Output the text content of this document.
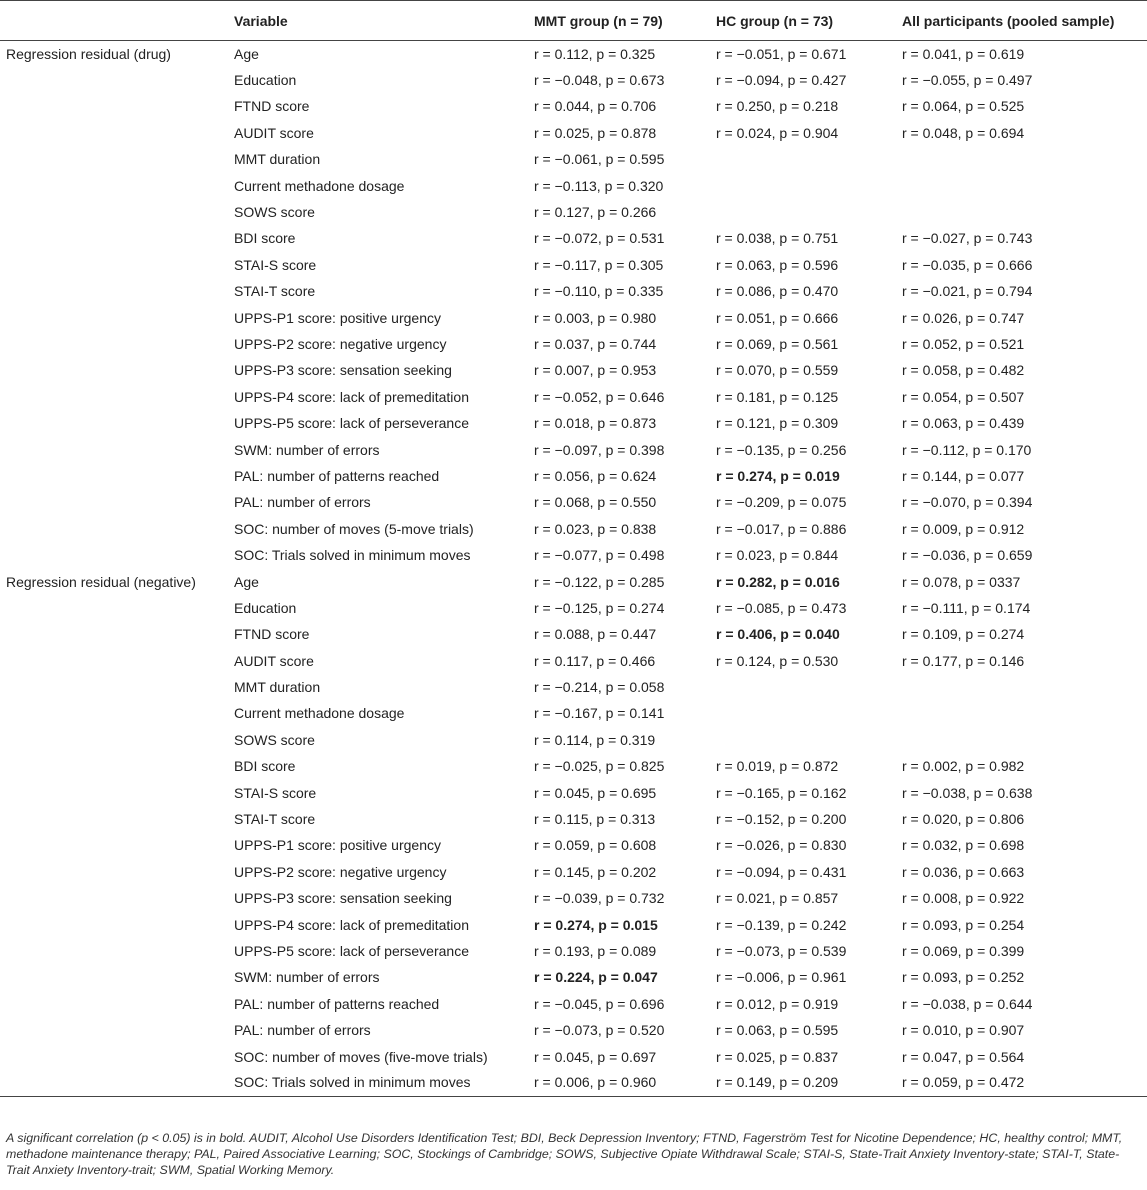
	Variable	MMT group (n = 79)	HC group (n = 73)	All participants (pooled sample)
Regression residual (drug)	Age	r = 0.112, p = 0.325	r = −0.051, p = 0.671	r = 0.041, p = 0.619
	Education	r = −0.048, p = 0.673	r = −0.094, p = 0.427	r = −0.055, p = 0.497
	FTND score	r = 0.044, p = 0.706	r = 0.250, p = 0.218	r = 0.064, p = 0.525
	AUDIT score	r = 0.025, p = 0.878	r = 0.024, p = 0.904	r = 0.048, p = 0.694
	MMT duration	r = −0.061, p = 0.595		
	Current methadone dosage	r = −0.113, p = 0.320		
	SOWS score	r = 0.127, p = 0.266		
	BDI score	r = −0.072, p = 0.531	r = 0.038, p = 0.751	r = −0.027, p = 0.743
	STAI-S score	r = −0.117, p = 0.305	r = 0.063, p = 0.596	r = −0.035, p = 0.666
	STAI-T score	r = −0.110, p = 0.335	r = 0.086, p = 0.470	r = −0.021, p = 0.794
	UPPS-P1 score: positive urgency	r = 0.003, p = 0.980	r = 0.051, p = 0.666	r = 0.026, p = 0.747
	UPPS-P2 score: negative urgency	r = 0.037, p = 0.744	r = 0.069, p = 0.561	r = 0.052, p = 0.521
	UPPS-P3 score: sensation seeking	r = 0.007, p = 0.953	r = 0.070, p = 0.559	r = 0.058, p = 0.482
	UPPS-P4 score: lack of premeditation	r = −0.052, p = 0.646	r = 0.181, p = 0.125	r = 0.054, p = 0.507
	UPPS-P5 score: lack of perseverance	r = 0.018, p = 0.873	r = 0.121, p = 0.309	r = 0.063, p = 0.439
	SWM: number of errors	r = −0.097, p = 0.398	r = −0.135, p = 0.256	r = −0.112, p = 0.170
	PAL: number of patterns reached	r = 0.056, p = 0.624	r = 0.274, p = 0.019	r = 0.144, p = 0.077
	PAL: number of errors	r = 0.068, p = 0.550	r = −0.209, p = 0.075	r = −0.070, p = 0.394
	SOC: number of moves (5-move trials)	r = 0.023, p = 0.838	r = −0.017, p = 0.886	r = 0.009, p = 0.912
	SOC: Trials solved in minimum moves	r = −0.077, p = 0.498	r = 0.023, p = 0.844	r = −0.036, p = 0.659
Regression residual (negative)	Age	r = −0.122, p = 0.285	r = 0.282, p = 0.016	r = 0.078, p = 0337
	Education	r = −0.125, p = 0.274	r = −0.085, p = 0.473	r = −0.111, p = 0.174
	FTND score	r = 0.088, p = 0.447	r = 0.406, p = 0.040	r = 0.109, p = 0.274
	AUDIT score	r = 0.117, p = 0.466	r = 0.124, p = 0.530	r = 0.177, p = 0.146
	MMT duration	r = −0.214, p = 0.058		
	Current methadone dosage	r = −0.167, p = 0.141		
	SOWS score	r = 0.114, p = 0.319		
	BDI score	r = −0.025, p = 0.825	r = 0.019, p = 0.872	r = 0.002, p = 0.982
	STAI-S score	r = 0.045, p = 0.695	r = −0.165, p = 0.162	r = −0.038, p = 0.638
	STAI-T score	r = 0.115, p = 0.313	r = −0.152, p = 0.200	r = 0.020, p = 0.806
	UPPS-P1 score: positive urgency	r = 0.059, p = 0.608	r = −0.026, p = 0.830	r = 0.032, p = 0.698
	UPPS-P2 score: negative urgency	r = 0.145, p = 0.202	r = −0.094, p = 0.431	r = 0.036, p = 0.663
	UPPS-P3 score: sensation seeking	r = −0.039, p = 0.732	r = 0.021, p = 0.857	r = 0.008, p = 0.922
	UPPS-P4 score: lack of premeditation	r = 0.274, p = 0.015	r = −0.139, p = 0.242	r = 0.093, p = 0.254
	UPPS-P5 score: lack of perseverance	r = 0.193, p = 0.089	r = −0.073, p = 0.539	r = 0.069, p = 0.399
	SWM: number of errors	r = 0.224, p = 0.047	r = −0.006, p = 0.961	r = 0.093, p = 0.252
	PAL: number of patterns reached	r = −0.045, p = 0.696	r = 0.012, p = 0.919	r = −0.038, p = 0.644
	PAL: number of errors	r = −0.073, p = 0.520	r = 0.063, p = 0.595	r = 0.010, p = 0.907
	SOC: number of moves (five-move trials)	r = 0.045, p = 0.697	r = 0.025, p = 0.837	r = 0.047, p = 0.564
	SOC: Trials solved in minimum moves	r = 0.006, p = 0.960	r = 0.149, p = 0.209	r = 0.059, p = 0.472
A significant correlation (p < 0.05) is in bold. AUDIT, Alcohol Use Disorders Identification Test; BDI, Beck Depression Inventory; FTND, Fagerström Test for Nicotine Dependence; HC, healthy control; MMT, methadone maintenance therapy; PAL, Paired Associative Learning; SOC, Stockings of Cambridge; SOWS, Subjective Opiate Withdrawal Scale; STAI-S, State-Trait Anxiety Inventory-state; STAI-T, State-Trait Anxiety Inventory-trait; SWM, Spatial Working Memory.
